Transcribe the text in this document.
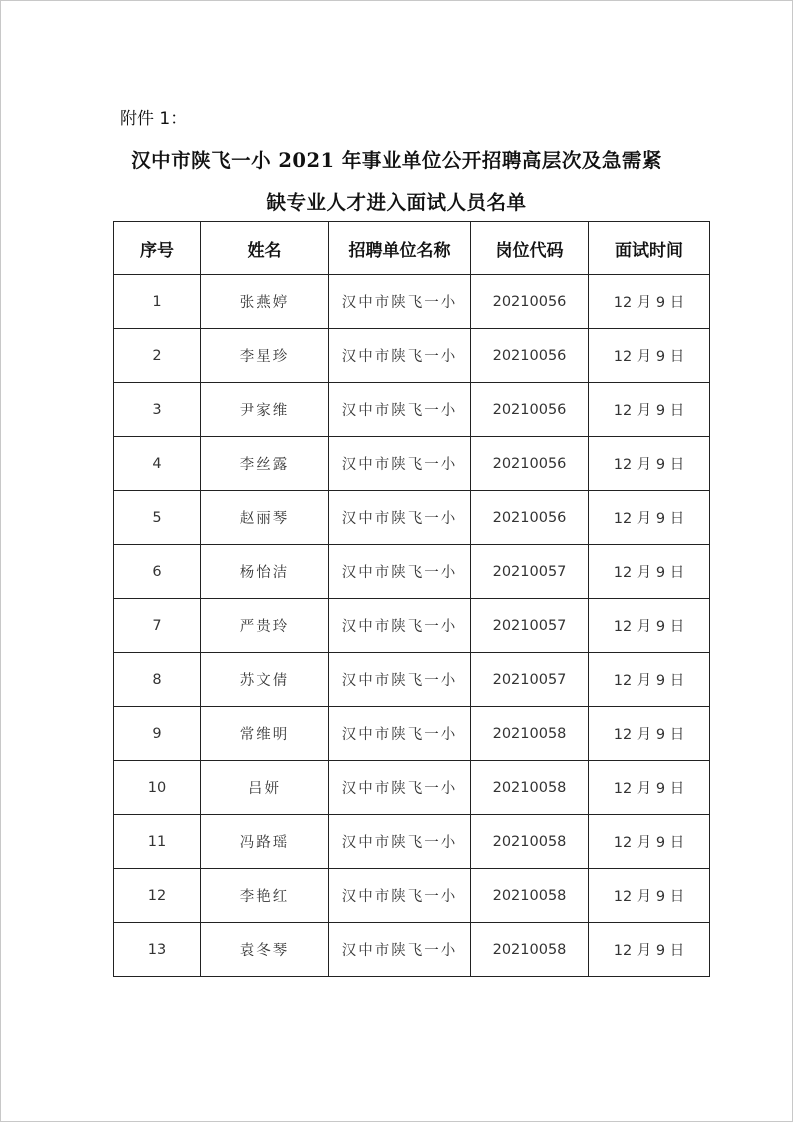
附件 1：
汉中市陕飞一小 2021 年事业单位公开招聘高层次及急需紧
缺专业人才进入面试人员名单
序号	姓名	招聘单位名称	岗位代码	面试时间
1	张燕婷	汉中市陕飞一小	20210056	12 月 9 日
2	李星珍	汉中市陕飞一小	20210056	12 月 9 日
3	尹家维	汉中市陕飞一小	20210056	12 月 9 日
4	李丝露	汉中市陕飞一小	20210056	12 月 9 日
5	赵丽琴	汉中市陕飞一小	20210056	12 月 9 日
6	杨怡洁	汉中市陕飞一小	20210057	12 月 9 日
7	严贵玲	汉中市陕飞一小	20210057	12 月 9 日
8	苏文倩	汉中市陕飞一小	20210057	12 月 9 日
9	常维明	汉中市陕飞一小	20210058	12 月 9 日
10	吕妍	汉中市陕飞一小	20210058	12 月 9 日
11	冯路瑶	汉中市陕飞一小	20210058	12 月 9 日
12	李艳红	汉中市陕飞一小	20210058	12 月 9 日
13	袁冬琴	汉中市陕飞一小	20210058	12 月 9 日
